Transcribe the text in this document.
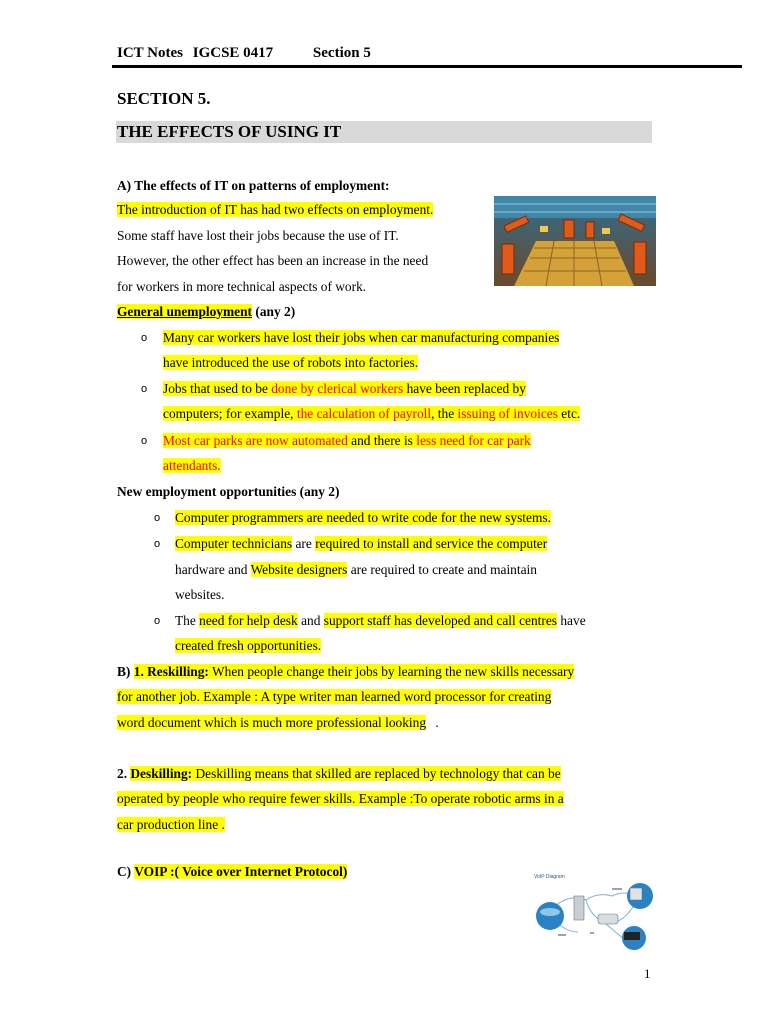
ICT Notes IGCSE 0417	Section 5
SECTION 5.
THE EFFECTS OF USING IT
A) The effects of IT on patterns of employment:
The introduction of IT has had two effects on employment.
Some staff have lost their jobs because the use of IT.
However, the other effect has been an increase in the need
for workers in more technical aspects of work.
General unemployment (any 2)
o Many car workers have lost their jobs when car manufacturing companies
have introduced the use of robots into factories.
o Jobs that used to be done by clerical workers have been replaced by
computers; for example, the calculation of payroll, the issuing of invoices etc.
o Most car parks are now automated and there is less need for car park
attendants.
New employment opportunities (any 2)
o Computer programmers are needed to write code for the new systems.
o Computer technicians are required to install and service the computer
hardware and Website designers are required to create and maintain
websites.
o The need for help desk and support staff has developed and call centres have
created fresh opportunities.
B) 1. Reskilling: When people change their jobs by learning the new skills necessary
for another job. Example : A type writer man learned word processor for creating
word document which is much more professional looking .
2. Deskilling: Deskilling means that skilled are replaced by technology that can be
operated by people who require fewer skills. Example :To operate robotic arms in a
car production line .
C) VOIP :( Voice over Internet Protocol)	VoIP Diagram
1
